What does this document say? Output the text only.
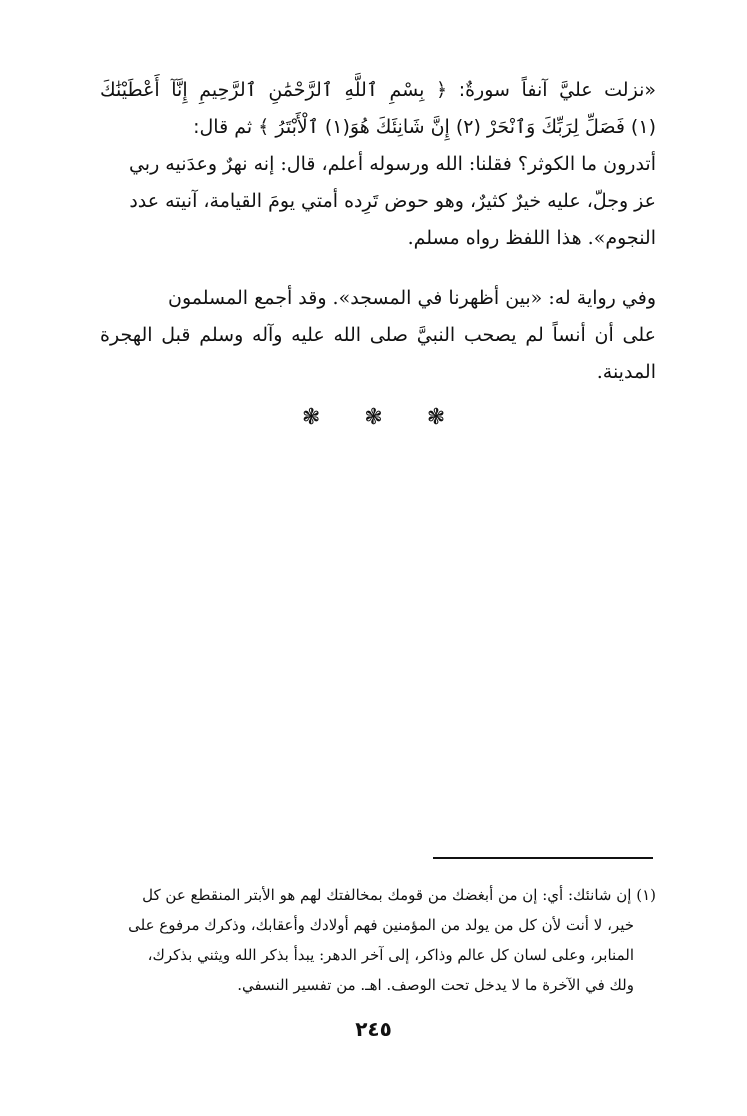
«نزلت عليَّ آنفاً سورةٌ: ﴿ بِسْمِ ٱللَّهِ ٱلرَّحْمَٰنِ ٱلرَّحِيمِ إِنَّآ أَعْطَيْنَٰكَ
(١) فَصَلِّ لِرَبِّكَ وَٱنْحَرْ (٢) إِنَّ شَانِئَكَ هُوَ(١) ٱلْأَبْتَرُ ﴾ ثم قال:
أتدرون ما الكوثر؟ فقلنا: الله ورسوله أعلم، قال: إنه نهرٌ وعدَنيه ربي
عز وجلّ، عليه خيرٌ كثيرٌ، وهو حوض تَرِده أمتي يومَ القيامة، آنيته عدد
النجوم». هذا اللفظ رواه مسلم.
وفي رواية له: «بين أظهرنا في المسجد». وقد أجمع المسلمون
على أن أنساً لم يصحب النبيَّ صلى الله عليه وآله وسلم قبل الهجرة
المدينة.
❃ ❃ ❃
(١) إن شانئك: أي: إن من أبغضك من قومك بمخالفتك لهم هو الأبتر المنقطع عن كل
خير، لا أنت لأن كل من يولد من المؤمنين فهم أولادك وأعقابك، وذكرك مرفوع على
المنابر، وعلى لسان كل عالم وذاكر، إلى آخر الدهر: يبدأ بذكر الله ويثني بذكرك،
ولك في الآخرة ما لا يدخل تحت الوصف. اهـ. من تفسير النسفي.
٢٤٥
